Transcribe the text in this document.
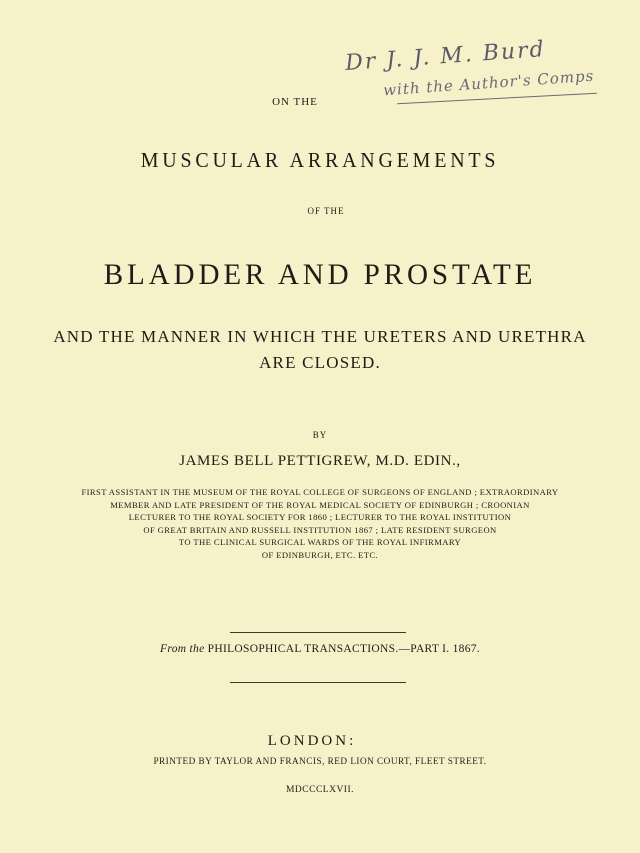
Dr J. J. M. Burd
with the Author's Comps
ON THE
MUSCULAR ARRANGEMENTS
OF THE
BLADDER AND PROSTATE
AND THE MANNER IN WHICH THE URETERS AND URETHRA
ARE CLOSED.
BY
JAMES BELL PETTIGREW, M.D. EDIN.,
FIRST ASSISTANT IN THE MUSEUM OF THE ROYAL COLLEGE OF SURGEONS OF ENGLAND ; EXTRAORDINARY
MEMBER AND LATE PRESIDENT OF THE ROYAL MEDICAL SOCIETY OF EDINBURGH ; CROONIAN
LECTURER TO THE ROYAL SOCIETY FOR 1860 ; LECTURER TO THE ROYAL INSTITUTION
OF GREAT BRITAIN AND RUSSELL INSTITUTION 1867 ; LATE RESIDENT SURGEON
TO THE CLINICAL SURGICAL WARDS OF THE ROYAL INFIRMARY
OF EDINBURGH, ETC. ETC.
From the PHILOSOPHICAL TRANSACTIONS.—PART I. 1867.
LONDON:
PRINTED BY TAYLOR AND FRANCIS, RED LION COURT, FLEET STREET.
MDCCCLXVII.
